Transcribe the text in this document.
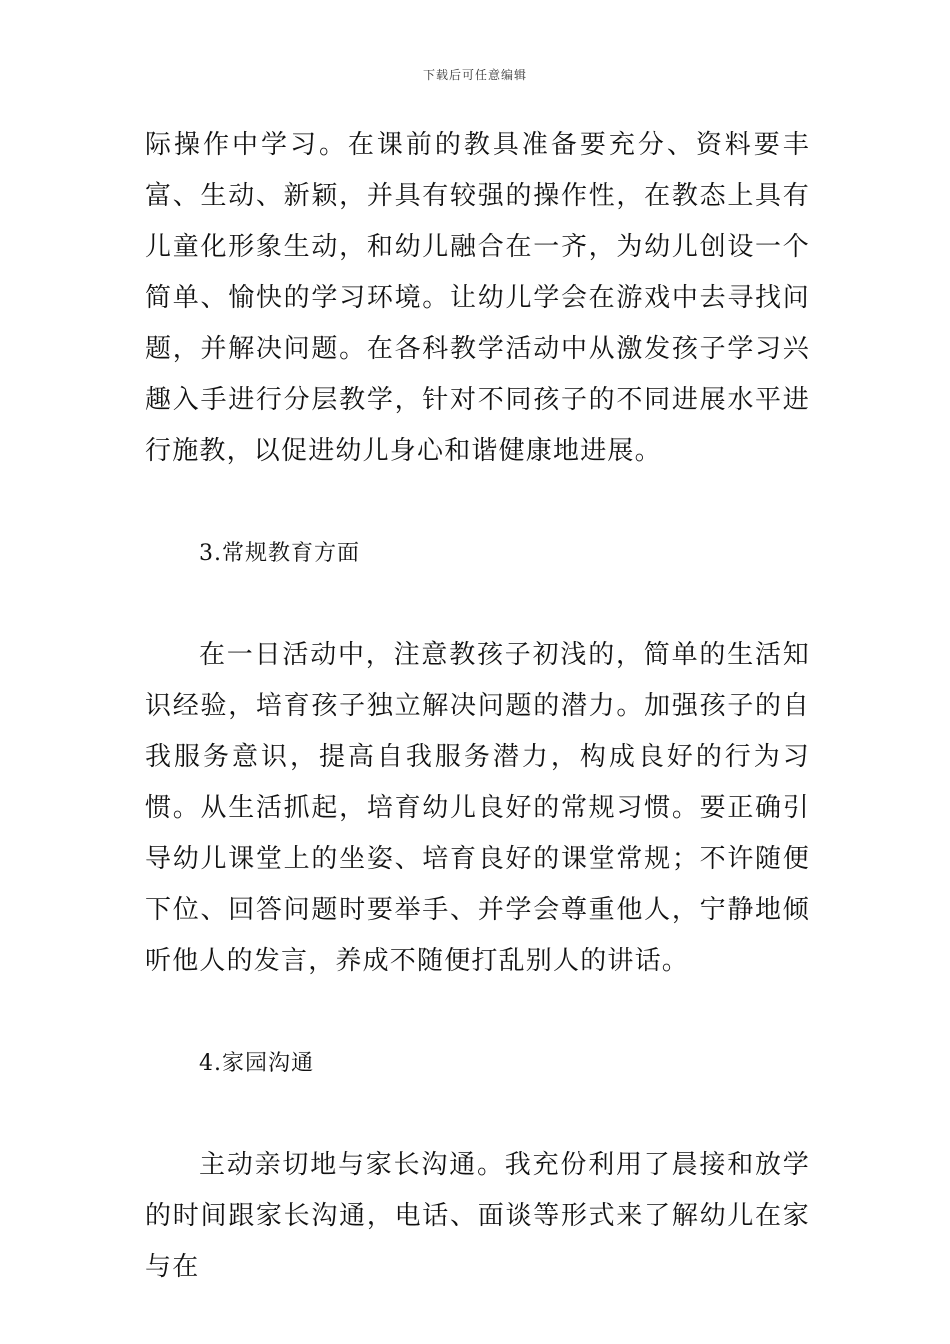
下载后可任意编辑

际操作中学习。在课前的教具准备要充分、资料要丰富、生动、新颖，并具有较强的操作性，在教态上具有儿童化形象生动，和幼儿融合在一齐，为幼儿创设一个简单、愉快的学习环境。让幼儿学会在游戏中去寻找问题，并解决问题。在各科教学活动中从激发孩子学习兴趣入手进行分层教学，针对不同孩子的不同进展水平进行施教，以促进幼儿身心和谐健康地进展。

3.常规教育方面

在一日活动中，注意教孩子初浅的，简单的生活知识经验，培育孩子独立解决问题的潜力。加强孩子的自我服务意识，提高自我服务潜力，构成良好的行为习惯。从生活抓起，培育幼儿良好的常规习惯。要正确引导幼儿课堂上的坐姿、培育良好的课堂常规；不许随便下位、回答问题时要举手、并学会尊重他人，宁静地倾听他人的发言，养成不随便打乱别人的讲话。

4.家园沟通

主动亲切地与家长沟通。我充份利用了晨接和放学的时间跟家长沟通，电话、面谈等形式来了解幼儿在家与在
